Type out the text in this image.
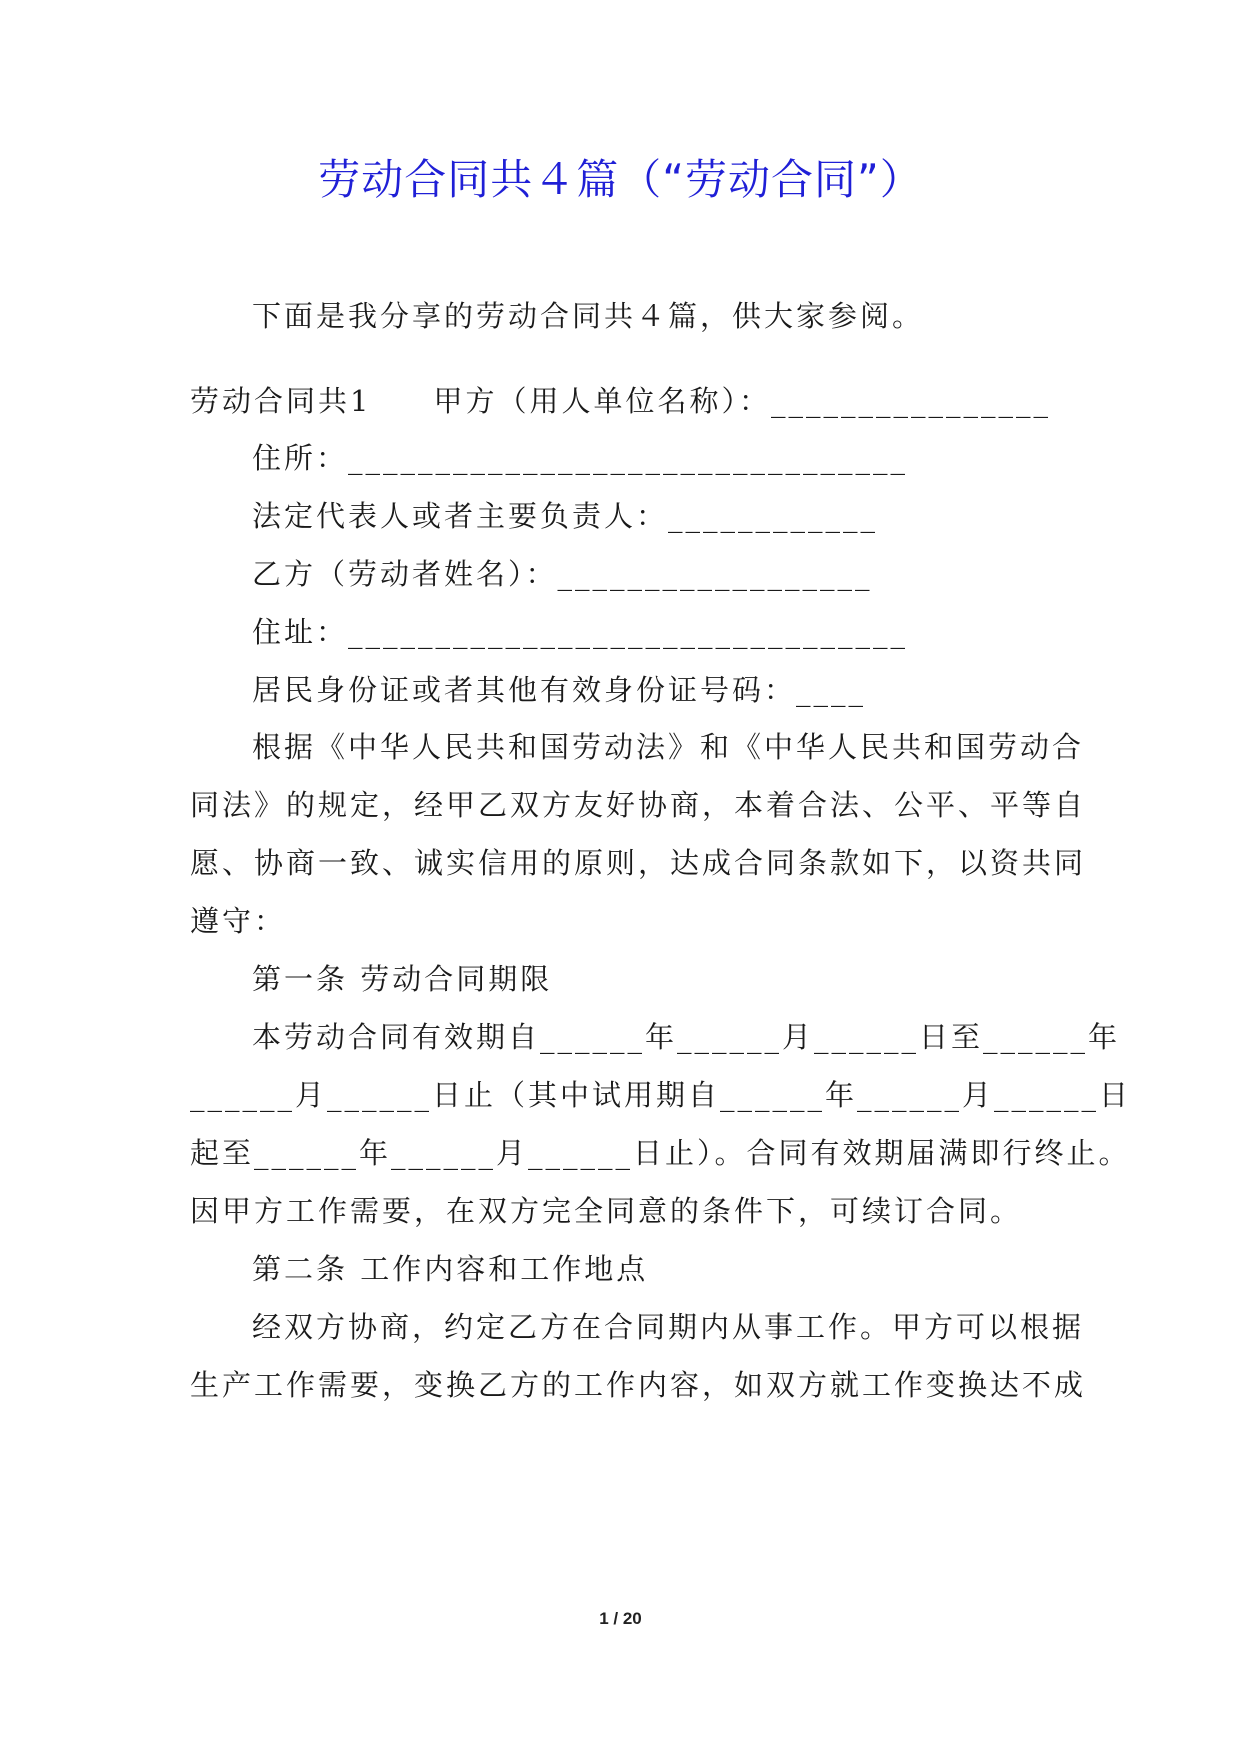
劳动合同共４篇（“劳动合同”）
下面是我分享的劳动合同共４篇，供大家参阅。
劳动合同共1 甲方（用人单位名称）：________________
住所：________________________________
法定代表人或者主要负责人：____________
乙方（劳动者姓名）：__________________
住址：________________________________
居民身份证或者其他有效身份证号码：____
根据《中华人民共和国劳动法》和《中华人民共和国劳动合
同法》的规定，经甲乙双方友好协商，本着合法、公平、平等自
愿、协商一致、诚实信用的原则，达成合同条款如下，以资共同
遵守：
第一条 劳动合同期限
本劳动合同有效期自______年______月______日至______年
______月______日止（其中试用期自______年______月______日
起至______年______月______日止）。合同有效期届满即行终止。
因甲方工作需要，在双方完全同意的条件下，可续订合同。
第二条 工作内容和工作地点
经双方协商，约定乙方在合同期内从事工作。甲方可以根据
生产工作需要，变换乙方的工作内容，如双方就工作变换达不成
1 / 20
